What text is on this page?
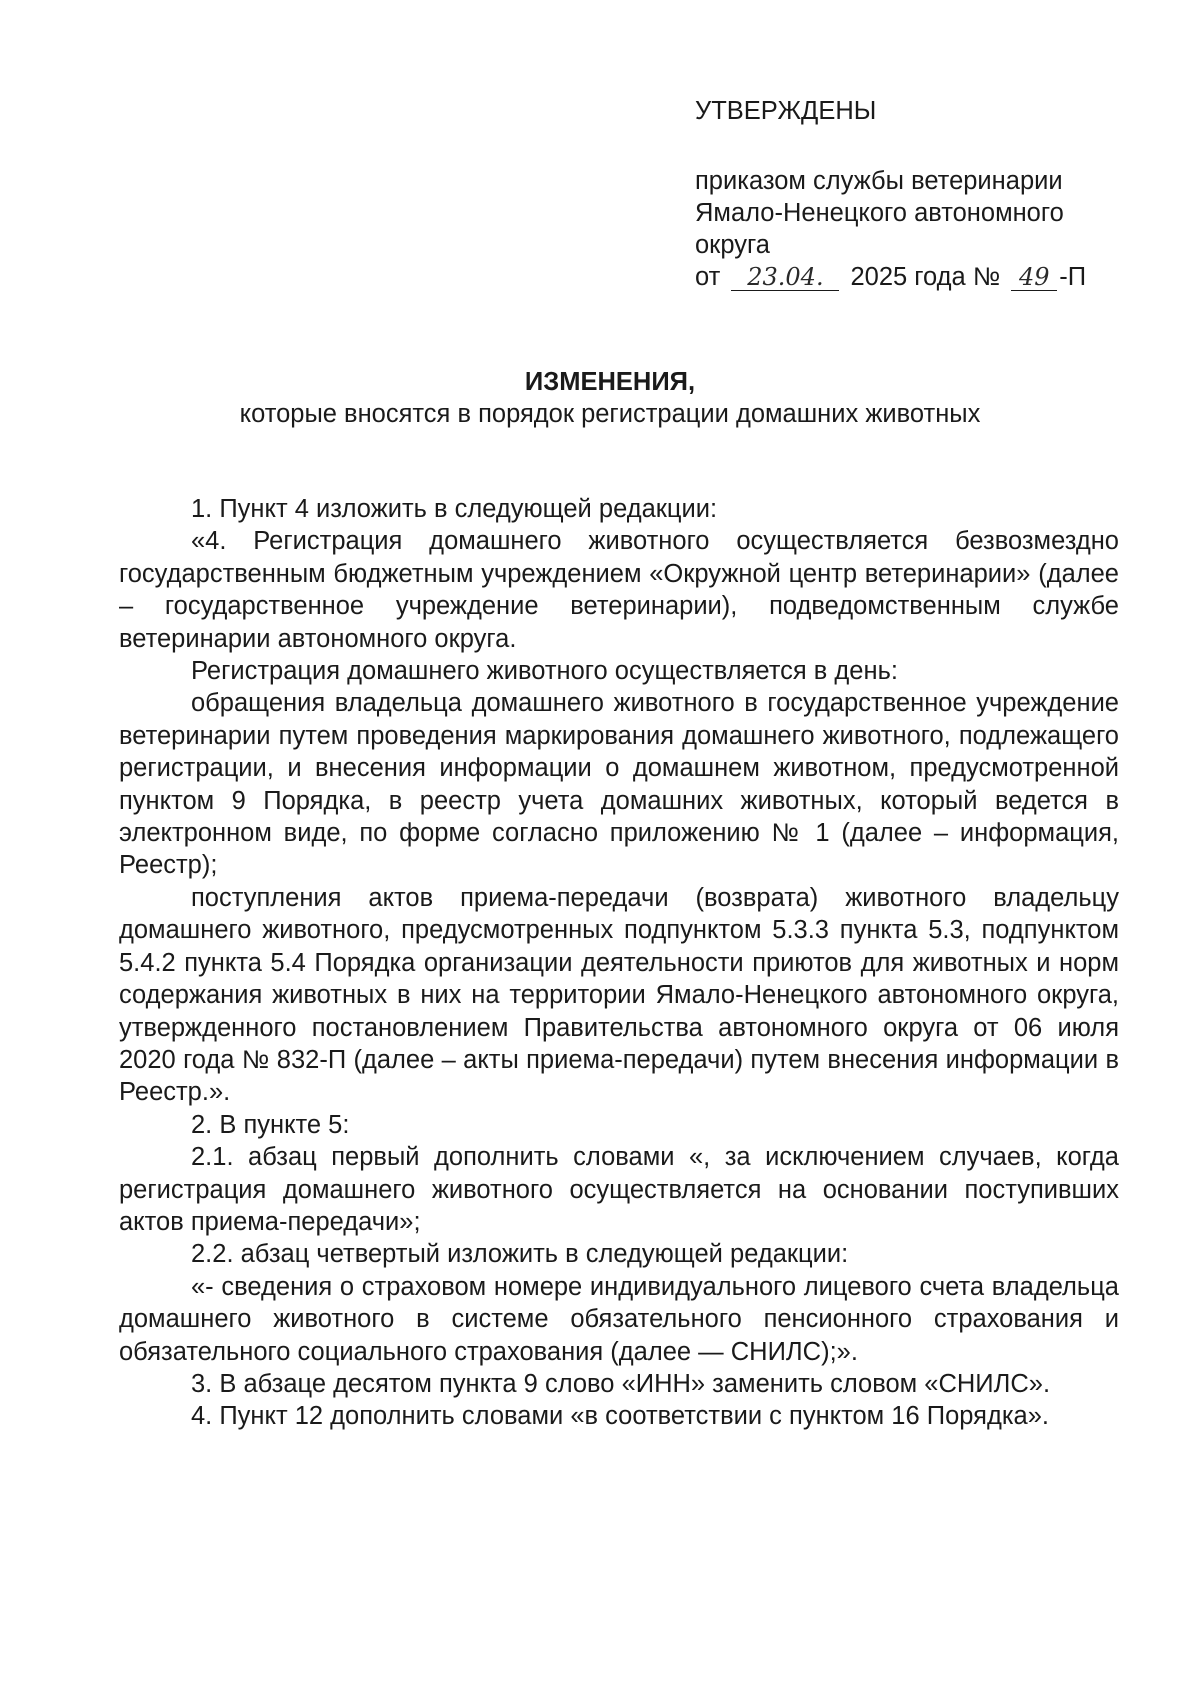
УТВЕРЖДЕНЫ
приказом службы ветеринарии
Ямало-Ненецкого автономного
округа
от 23.04. 2025 года № 49 -П
ИЗМЕНЕНИЯ,
которые вносятся в порядок регистрации домашних животных

1. Пункт 4 изложить в следующей редакции:

«4. Регистрация домашнего животного осуществляется безвозмездно государственным бюджетным учреждением «Окружной центр ветеринарии» (далее – государственное учреждение ветеринарии), подведомственным службе ветеринарии автономного округа.

Регистрация домашнего животного осуществляется в день:

обращения владельца домашнего животного в государственное учреждение ветеринарии путем проведения маркирования домашнего животного, подлежащего регистрации, и внесения информации о домашнем животном, предусмотренной пунктом 9 Порядка, в реестр учета домашних животных, который ведется в электронном виде, по форме согласно приложению № 1 (далее – информация, Реестр);

поступления актов приема-передачи (возврата) животного владельцу домашнего животного, предусмотренных подпунктом 5.3.3 пункта 5.3, подпунктом 5.4.2 пункта 5.4 Порядка организации деятельности приютов для животных и норм содержания животных в них на территории Ямало-Ненецкого автономного округа, утвержденного постановлением Правительства автономного округа от 06 июля 2020 года № 832-П (далее – акты приема-передачи) путем внесения информации в Реестр.».

2. В пункте 5:

2.1. абзац первый дополнить словами «, за исключением случаев, когда регистрация домашнего животного осуществляется на основании поступивших актов приема-передачи»;

2.2. абзац четвертый изложить в следующей редакции:

«- сведения о страховом номере индивидуального лицевого счета владельца домашнего животного в системе обязательного пенсионного страхования и обязательного социального страхования (далее — СНИЛС);».

3. В абзаце десятом пункта 9 слово «ИНН» заменить словом «СНИЛС».

4. Пункт 12 дополнить словами «в соответствии с пунктом 16 Порядка».
